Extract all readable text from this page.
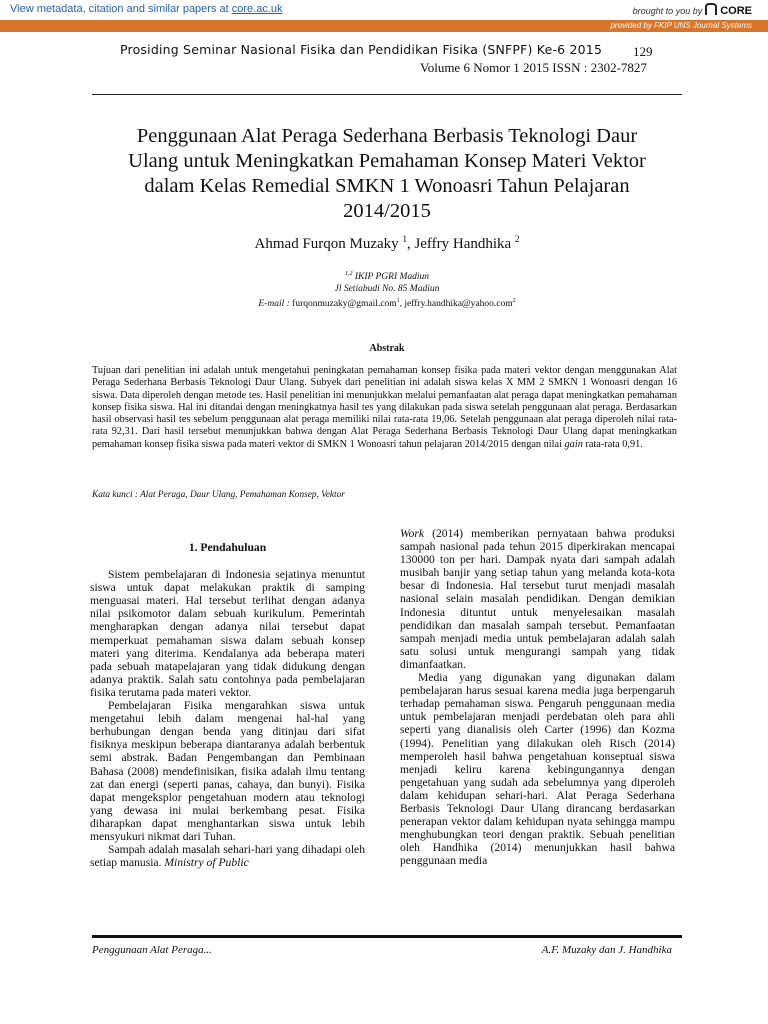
View metadata, citation and similar papers at core.ac.uk	brought to you by CORE
provided by FKIP UNS Journal Systems
Prosiding Seminar Nasional Fisika dan Pendidikan Fisika (SNFPF) Ke-6 2015 129
Volume 6 Nomor 1 2015 ISSN : 2302-7827
Penggunaan Alat Peraga Sederhana Berbasis Teknologi Daur
Ulang untuk Meningkatkan Pemahaman Konsep Materi Vektor
dalam Kelas Remedial SMKN 1 Wonoasri Tahun Pelajaran
2014/2015
Ahmad Furqon Muzaky $^1$, Jeffry Handhika $^2$
$^{1,2}$ IKIP PGRI Madiun
Jl Setiabudi No. 85 Madiun
E-mail : furqonmuzaky@gmail.com$^1$, jeffry.handhika@yahoo.com$^2$
Abstrak
Tujuan dari penelitian ini adalah untuk mengetahui peningkatan pemahaman konsep fisika pada materi vektor dengan menggunakan Alat Peraga Sederhana Berbasis Teknologi Daur Ulang. Subyek dari penelitian ini adalah siswa kelas X MM 2 SMKN 1 Wonoasri dengan 16 siswa. Data diperoleh dengan metode tes. Hasil penelitian ini menunjukkan melalui pemanfaatan alat peraga dapat meningkatkan pemahaman konsep fisika siswa. Hal ini ditandai dengan meningkatnya hasil tes yang dilakukan pada siswa setelah penggunaan alat peraga. Berdasarkan hasil observasi hasil tes sebelum penggunaan alat peraga memiliki nilai rata-rata 19,06. Setelah penggunaan alat peraga diperoleh nilai rata-rata 92,31. Dari hasil tersebut menunjukkan bahwa dengan Alat Peraga Sederhana Berbasis Teknologi Daur Ulang dapat meningkatkan pemahaman konsep fisika siswa pada materi vektor di SMKN 1 Wonoasri tahun pelajaran 2014/2015 dengan nilai gain rata-rata 0,91.
Kata kunci : Alat Peraga, Daur Ulang, Pemahaman Konsep, Vektor
1. Pendahuluan

Sistem pembelajaran di Indonesia sejatinya menuntut siswa untuk dapat melakukan praktik di samping menguasai materi. Hal tersebut terlihat dengan adanya nilai psikomotor dalam sebuah kurikulum. Pemerintah mengharapkan dengan adanya nilai tersebut dapat memperkuat pemahaman siswa dalam sebuah konsep materi yang diterima. Kendalanya ada beberapa materi pada sebuah matapelajaran yang tidak didukung dengan adanya praktik. Salah satu contohnya pada pembelajaran fisika terutama pada materi vektor.

Pembelajaran Fisika mengarahkan siswa untuk mengetahui lebih dalam mengenai hal-hal yang berhubungan dengan benda yang ditinjau dari sifat fisiknya meskipun beberapa diantaranya adalah berbentuk semi abstrak. Badan Pengembangan dan Pembinaan Bahasa (2008) mendefinisikan, fisika adalah ilmu tentang zat dan energi (seperti panas, cahaya, dan bunyi). Fisika dapat mengeksplor pengetahuan modern atau teknologi yang dewasa ini mulai berkembang pesat. Fisika diharapkan dapat menghantarkan siswa untuk lebih mensyukuri nikmat dari Tuhan.

Sampah adalah masalah sehari-hari yang dihadapi oleh setiap manusia. Ministry of Public

Work (2014) memberikan pernyataan bahwa produksi sampah nasional pada tehun 2015 diperkirakan mencapai 130000 ton per hari. Dampak nyata dari sampah adalah musibah banjir yang setiap tahun yang melanda kota-kota besar di Indonesia. Hal tersebut turut menjadi masalah nasional selain masalah pendidikan. Dengan demikian Indonesia dituntut untuk menyelesaikan masalah pendidikan dan masalah sampah tersebut. Pemanfaatan sampah menjadi media untuk pembelajaran adalah salah satu solusi untuk mengurangi sampah yang tidak dimanfaatkan.

Media yang digunakan yang digunakan dalam pembelajaran harus sesuai karena media juga berpengaruh terhadap pemahaman siswa. Pengaruh penggunaan media untuk pembelajaran menjadi perdebatan oleh para ahli seperti yang dianalisis oleh Carter (1996) dan Kozma (1994). Penelitian yang dilakukan oleh Risch (2014) memperoleh hasil bahwa pengetahuan konseptual siswa menjadi keliru karena kebingungannya dengan pengetahuan yang sudah ada sebelumnya yang diperoleh dalam kehidupan sehari-hari. Alat Peraga Sederhana Berbasis Teknologi Daur Ulang dirancang berdasarkan penerapan vektor dalam kehidupan nyata sehingga mampu menghubungkan teori dengan praktik. Sebuah penelitian oleh Handhika (2014) menunjukkan hasil bahwa penggunaan media

Penggunaan Alat Peraga...	A.F. Muzaky dan J. Handhika
